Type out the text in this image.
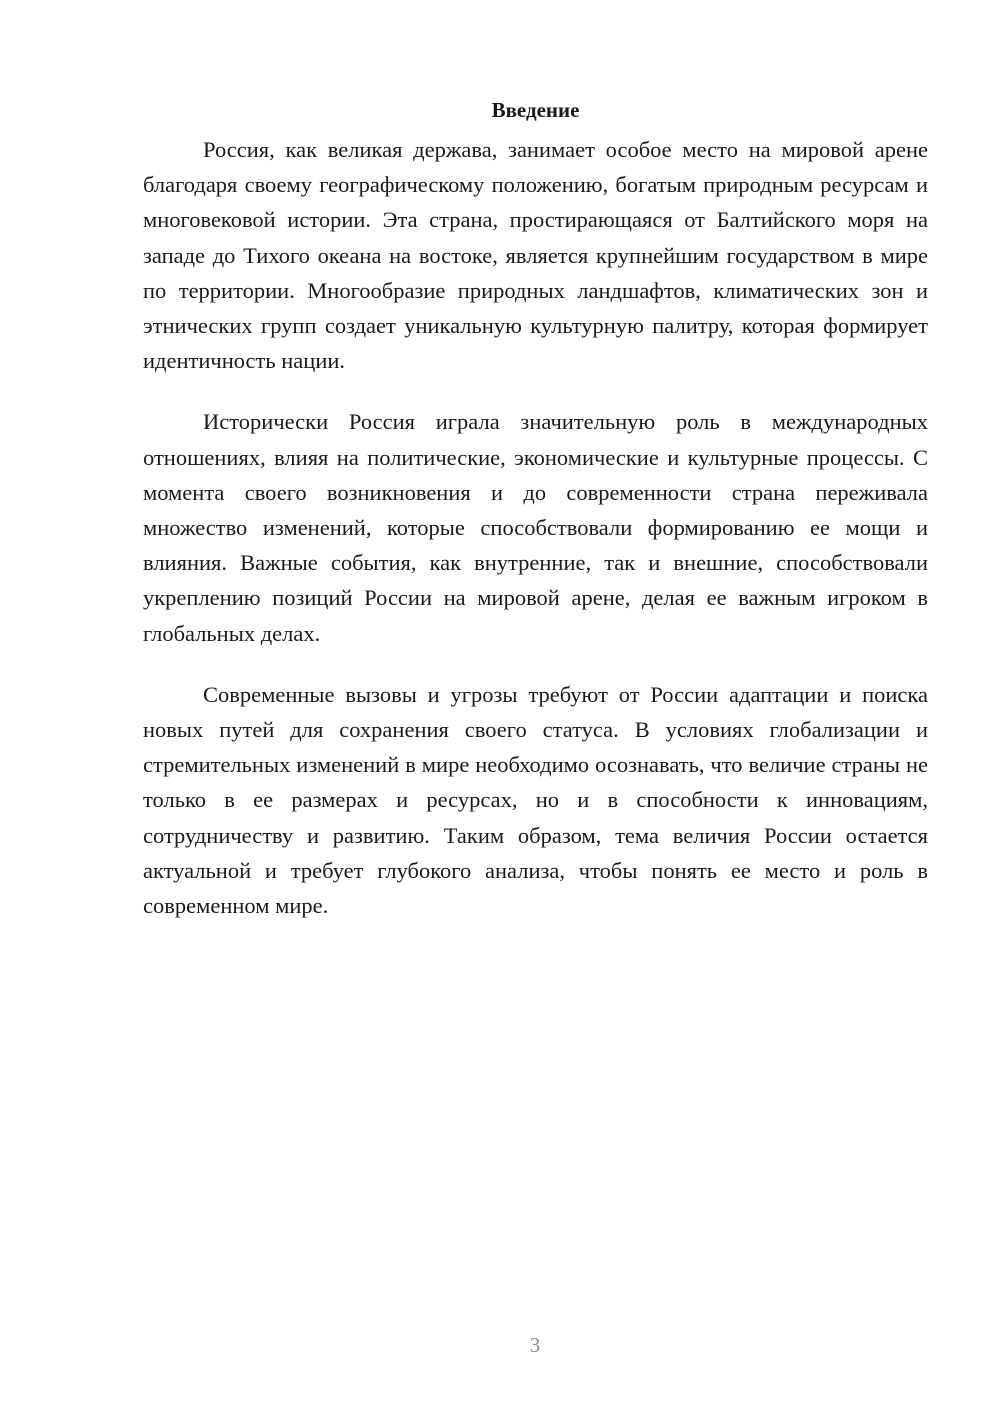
Введение

Россия, как великая держава, занимает особое место на мировой арене благодаря своему географическому положению, богатым природным ресурсам и многовековой истории. Эта страна, простирающаяся от Балтийского моря на западе до Тихого океана на востоке, является крупнейшим государством в мире по территории. Многообразие природных ландшафтов, климатических зон и этнических групп создает уникальную культурную палитру, которая формирует идентичность нации.

Исторически Россия играла значительную роль в международных отношениях, влияя на политические, экономические и культурные процессы. С момента своего возникновения и до современности страна переживала множество изменений, которые способствовали формированию ее мощи и влияния. Важные события, как внутренние, так и внешние, способствовали укреплению позиций России на мировой арене, делая ее важным игроком в глобальных делах.

Современные вызовы и угрозы требуют от России адаптации и поиска новых путей для сохранения своего статуса. В условиях глобализации и стремительных изменений в мире необходимо осознавать, что величие страны не только в ее размерах и ресурсах, но и в способности к инновациям, сотрудничеству и развитию. Таким образом, тема величия России остается актуальной и требует глубокого анализа, чтобы понять ее место и роль в современном мире.

3
